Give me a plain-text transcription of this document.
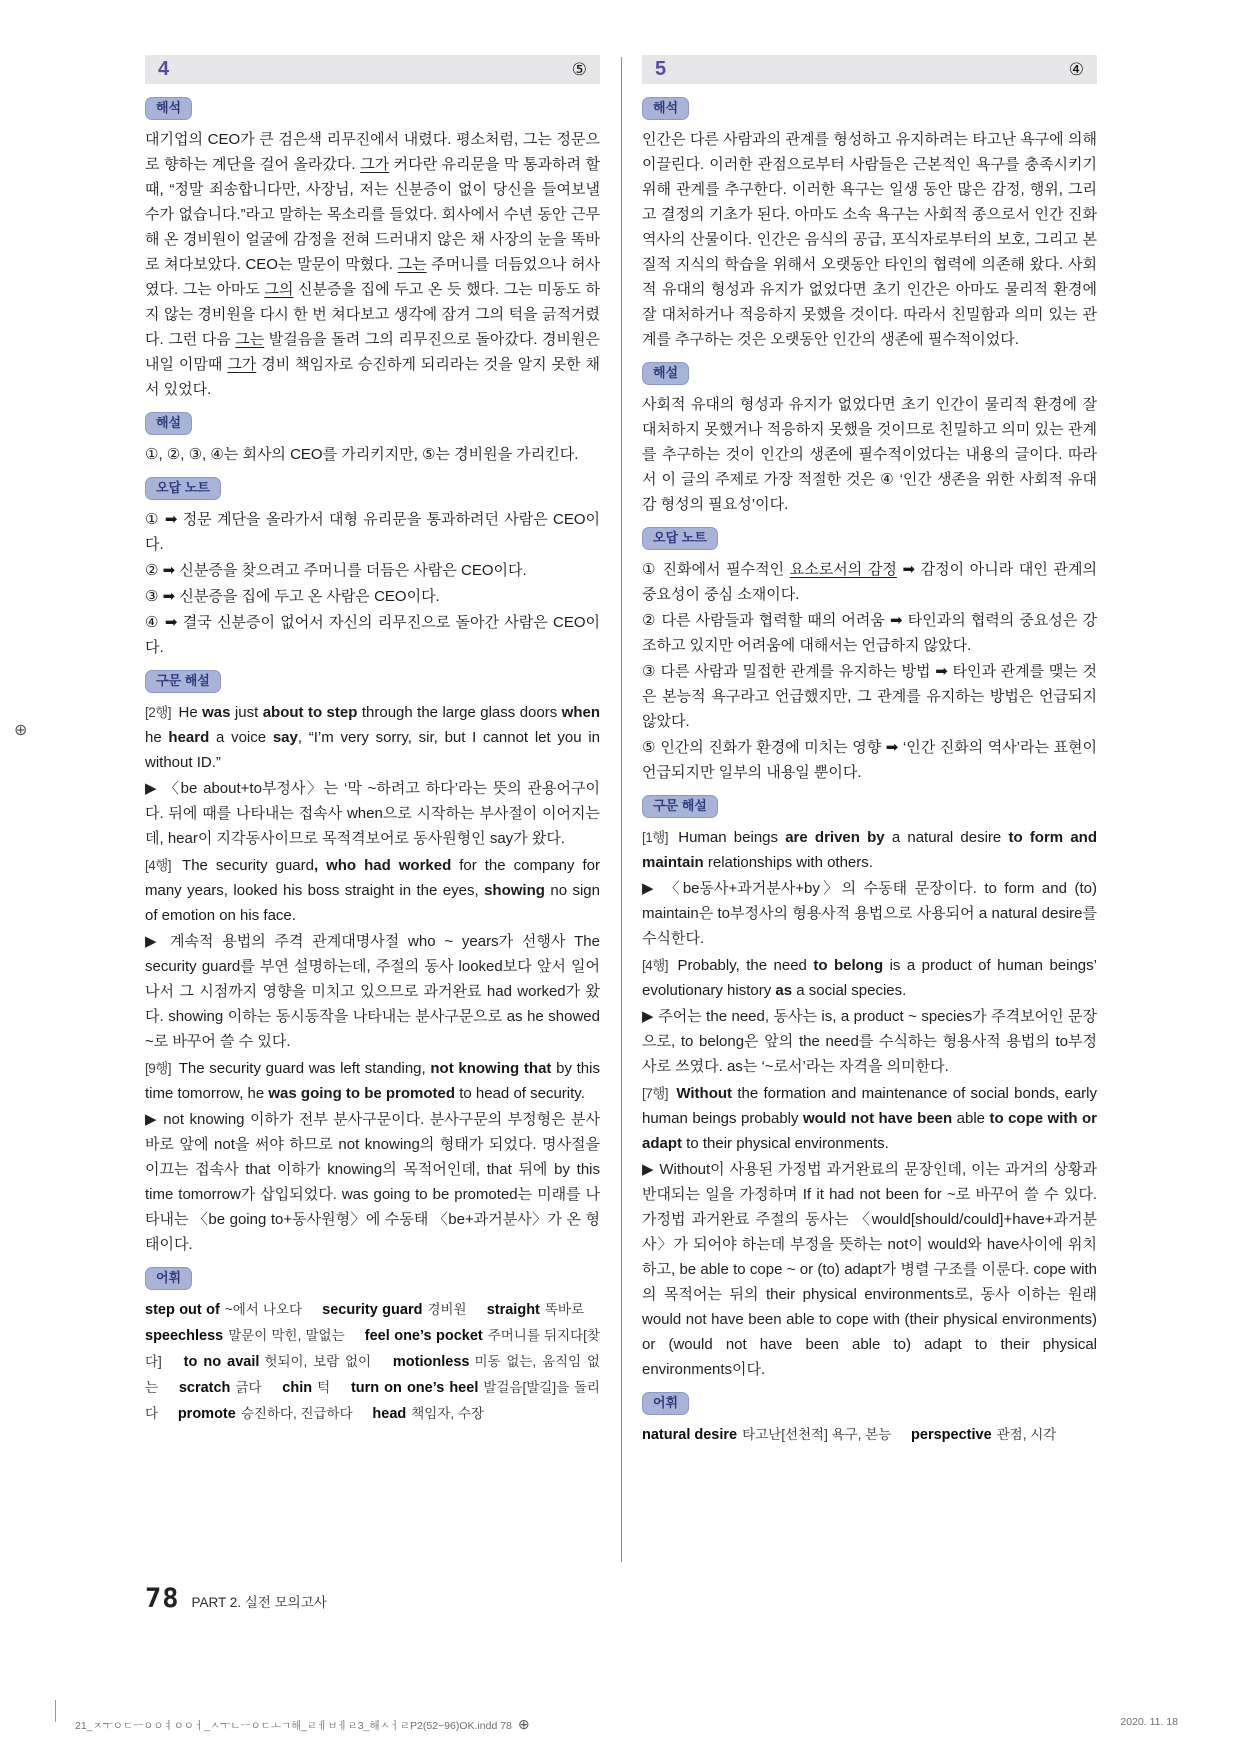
4	⑤
해석

대기업의 CEO가 큰 검은색 리무진에서 내렸다. 평소처럼, 그는 정문으로 향하는 계단을 걸어 올라갔다. 그가 커다란 유리문을 막 통과하려 할 때, “정말 죄송합니다만, 사장님, 저는 신분증이 없이 당신을 들여보낼 수가 없습니다.”라고 말하는 목소리를 들었다. 회사에서 수년 동안 근무해 온 경비원이 얼굴에 감정을 전혀 드러내지 않은 채 사장의 눈을 똑바로 쳐다보았다. CEO는 말문이 막혔다. 그는 주머니를 더듬었으나 허사였다. 그는 아마도 그의 신분증을 집에 두고 온 듯 했다. 그는 미동도 하지 않는 경비원을 다시 한 번 쳐다보고 생각에 잠겨 그의 턱을 긁적거렸다. 그런 다음 그는 발걸음을 돌려 그의 리무진으로 돌아갔다. 경비원은 내일 이맘때 그가 경비 책임자로 승진하게 되리라는 것을 알지 못한 채 서 있었다.

해설

①, ②, ③, ④는 회사의 CEO를 가리키지만, ⑤는 경비원을 가리킨다.

오답 노트

① ➡ 정문 계단을 올라가서 대형 유리문을 통과하려던 사람은 CEO이다.

② ➡ 신분증을 찾으려고 주머니를 더듬은 사람은 CEO이다.

③ ➡ 신분증을 집에 두고 온 사람은 CEO이다.

④ ➡ 결국 신분증이 없어서 자신의 리무진으로 돌아간 사람은 CEO이다.

구문 해설

[2행] He was just about to step through the large glass doors when he heard a voice say, “I’m very sorry, sir, but I cannot let you in without ID.”

▶ 〈be about+to부정사〉는 ‘막 ~하려고 하다’라는 뜻의 관용어구이다. 뒤에 때를 나타내는 접속사 when으로 시작하는 부사절이 이어지는데, hear이 지각동사이므로 목적격보어로 동사원형인 say가 왔다.

[4행] The security guard, who had worked for the company for many years, looked his boss straight in the eyes, showing no sign of emotion on his face.

▶ 계속적 용법의 주격 관계대명사절 who ~ years가 선행사 The security guard를 부연 설명하는데, 주절의 동사 looked보다 앞서 일어나서 그 시점까지 영향을 미치고 있으므로 과거완료 had worked가 왔다. showing 이하는 동시동작을 나타내는 분사구문으로 as he showed ~로 바꾸어 쓸 수 있다.

[9행] The security guard was left standing, not knowing that by this time tomorrow, he was going to be promoted to head of security.

▶ not knowing 이하가 전부 분사구문이다. 분사구문의 부정형은 분사 바로 앞에 not을 써야 하므로 not knowing의 형태가 되었다. 명사절을 이끄는 접속사 that 이하가 knowing의 목적어인데, that 뒤에 by this time tomorrow가 삽입되었다. was going to be promoted는 미래를 나타내는 〈be going to+동사원형〉에 수동태 〈be+과거분사〉가 온 형태이다.

어휘

step out of ~에서 나오다 security guard 경비원 straight 똑바로 speechless 말문이 막힌, 말없는 feel one’s pocket 주머니를 뒤지다[찾다] to no avail 헛되이, 보람 없이 motionless 미동 없는, 움직임 없는 scratch 긁다 chin 턱 turn on one’s heel 발걸음[발길]을 돌리다 promote 승진하다, 진급하다 head 책임자, 수장

5	④
해석

인간은 다른 사람과의 관계를 형성하고 유지하려는 타고난 욕구에 의해 이끌린다. 이러한 관점으로부터 사람들은 근본적인 욕구를 충족시키기 위해 관계를 추구한다. 이러한 욕구는 일생 동안 많은 감정, 행위, 그리고 결정의 기초가 된다. 아마도 소속 욕구는 사회적 종으로서 인간 진화 역사의 산물이다. 인간은 음식의 공급, 포식자로부터의 보호, 그리고 본질적 지식의 학습을 위해서 오랫동안 타인의 협력에 의존해 왔다. 사회적 유대의 형성과 유지가 없었다면 초기 인간은 아마도 물리적 환경에 잘 대처하거나 적응하지 못했을 것이다. 따라서 친밀함과 의미 있는 관계를 추구하는 것은 오랫동안 인간의 생존에 필수적이었다.

해설

사회적 유대의 형성과 유지가 없었다면 초기 인간이 물리적 환경에 잘 대처하지 못했거나 적응하지 못했을 것이므로 친밀하고 의미 있는 관계를 추구하는 것이 인간의 생존에 필수적이었다는 내용의 글이다. 따라서 이 글의 주제로 가장 적절한 것은 ④ ‘인간 생존을 위한 사회적 유대감 형성의 필요성’이다.

오답 노트

① 진화에서 필수적인 요소로서의 감정 ➡ 감정이 아니라 대인 관계의 중요성이 중심 소재이다.

② 다른 사람들과 협력할 때의 어려움 ➡ 타인과의 협력의 중요성은 강조하고 있지만 어려움에 대해서는 언급하지 않았다.

③ 다른 사람과 밀접한 관계를 유지하는 방법 ➡ 타인과 관계를 맺는 것은 본능적 욕구라고 언급했지만, 그 관계를 유지하는 방법은 언급되지 않았다.

⑤ 인간의 진화가 환경에 미치는 영향 ➡ ‘인간 진화의 역사’라는 표현이 언급되지만 일부의 내용일 뿐이다.

구문 해설

[1행] Human beings are driven by a natural desire to form and maintain relationships with others.

▶ 〈be동사+과거분사+by〉의 수동태 문장이다. to form and (to) maintain은 to부정사의 형용사적 용법으로 사용되어 a natural desire를 수식한다.

[4행] Probably, the need to belong is a product of human beings’ evolutionary history as a social species.

▶ 주어는 the need, 동사는 is, a product ~ species가 주격보어인 문장으로, to belong은 앞의 the need를 수식하는 형용사적 용법의 to부정사로 쓰였다. as는 ‘~로서’라는 자격을 의미한다.

[7행] Without the formation and maintenance of social bonds, early human beings probably would not have been able to cope with or adapt to their physical environments.

▶ Without이 사용된 가정법 과거완료의 문장인데, 이는 과거의 상황과 반대되는 일을 가정하며 If it had not been for ~로 바꾸어 쓸 수 있다. 가정법 과거완료 주절의 동사는 〈would[should/could]+have+과거분사〉가 되어야 하는데 부정을 뜻하는 not이 would와 have사이에 위치하고, be able to cope ~ or (to) adapt가 병렬 구조를 이룬다. cope with의 목적어는 뒤의 their physical environments로, 동사 이하는 원래 would not have been able to cope with (their physical environments) or (would not have been able to) adapt to their physical environments이다.

어휘

natural desire 타고난[선천적] 욕구, 본능 perspective 관점, 시각

78 PART 2. 실전 모의고사
21_ㅈㅜㅇㄷㅡㅇㅇㅕㅇㅇㅓ_ㅅㅜㄴㅡㅇㄷㅗㄱ해_ㄹㅔㅂㅔㄹ3_해ㅅㅓㄹP2(52~96)OK.indd 78 ⊕	2020. 11. 18
⊕
